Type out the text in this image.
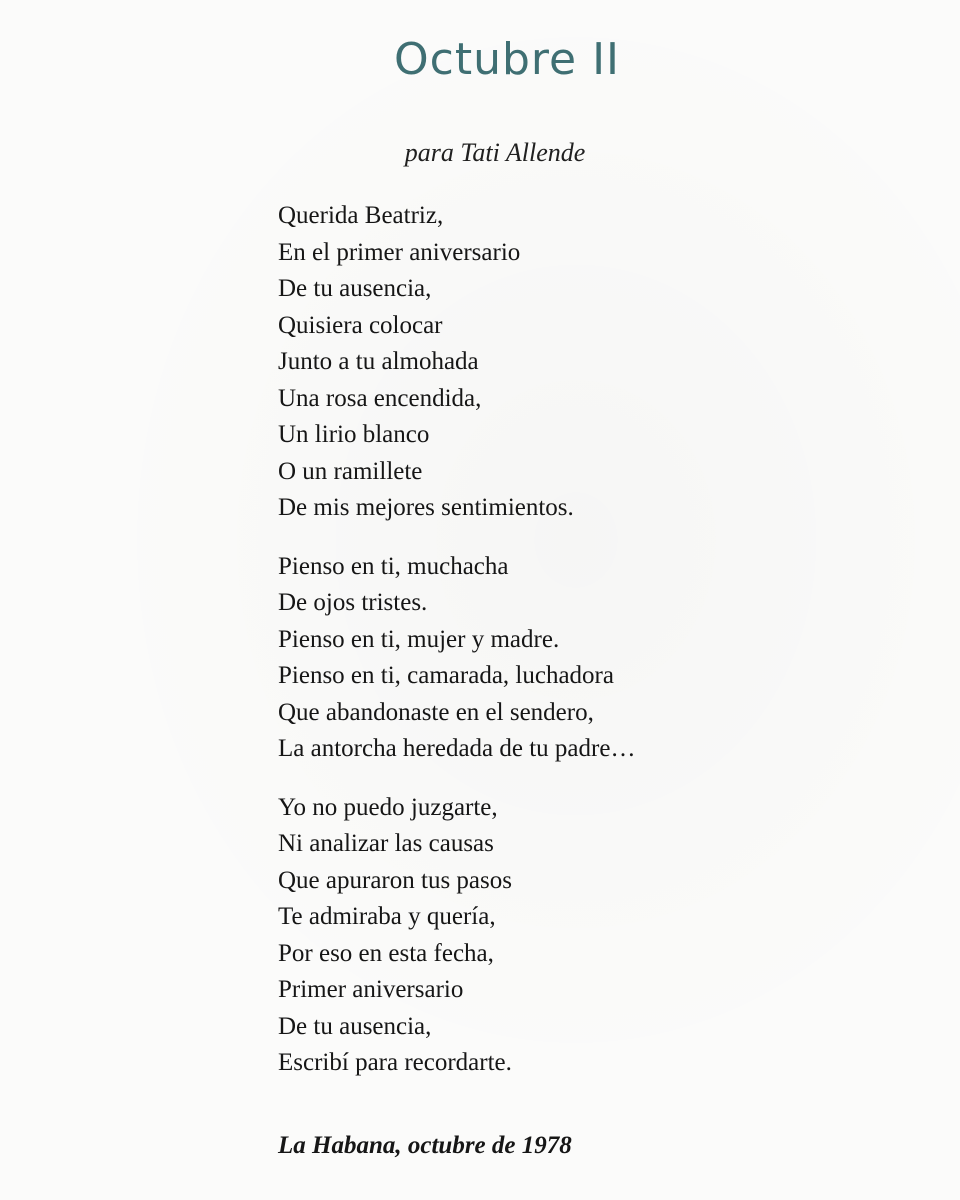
Octubre II
para Tati Allende
Querida Beatriz,
En el primer aniversario
De tu ausencia,
Quisiera colocar
Junto a tu almohada
Una rosa encendida,
Un lirio blanco
O un ramillete
De mis mejores sentimientos.
Pienso en ti, muchacha
De ojos tristes.
Pienso en ti, mujer y madre.
Pienso en ti, camarada, luchadora
Que abandonaste en el sendero,
La antorcha heredada de tu padre…
Yo no puedo juzgarte,
Ni analizar las causas
Que apuraron tus pasos
Te admiraba y quería,
Por eso en esta fecha,
Primer aniversario
De tu ausencia,
Escribí para recordarte.
La Habana, octubre de 1978
